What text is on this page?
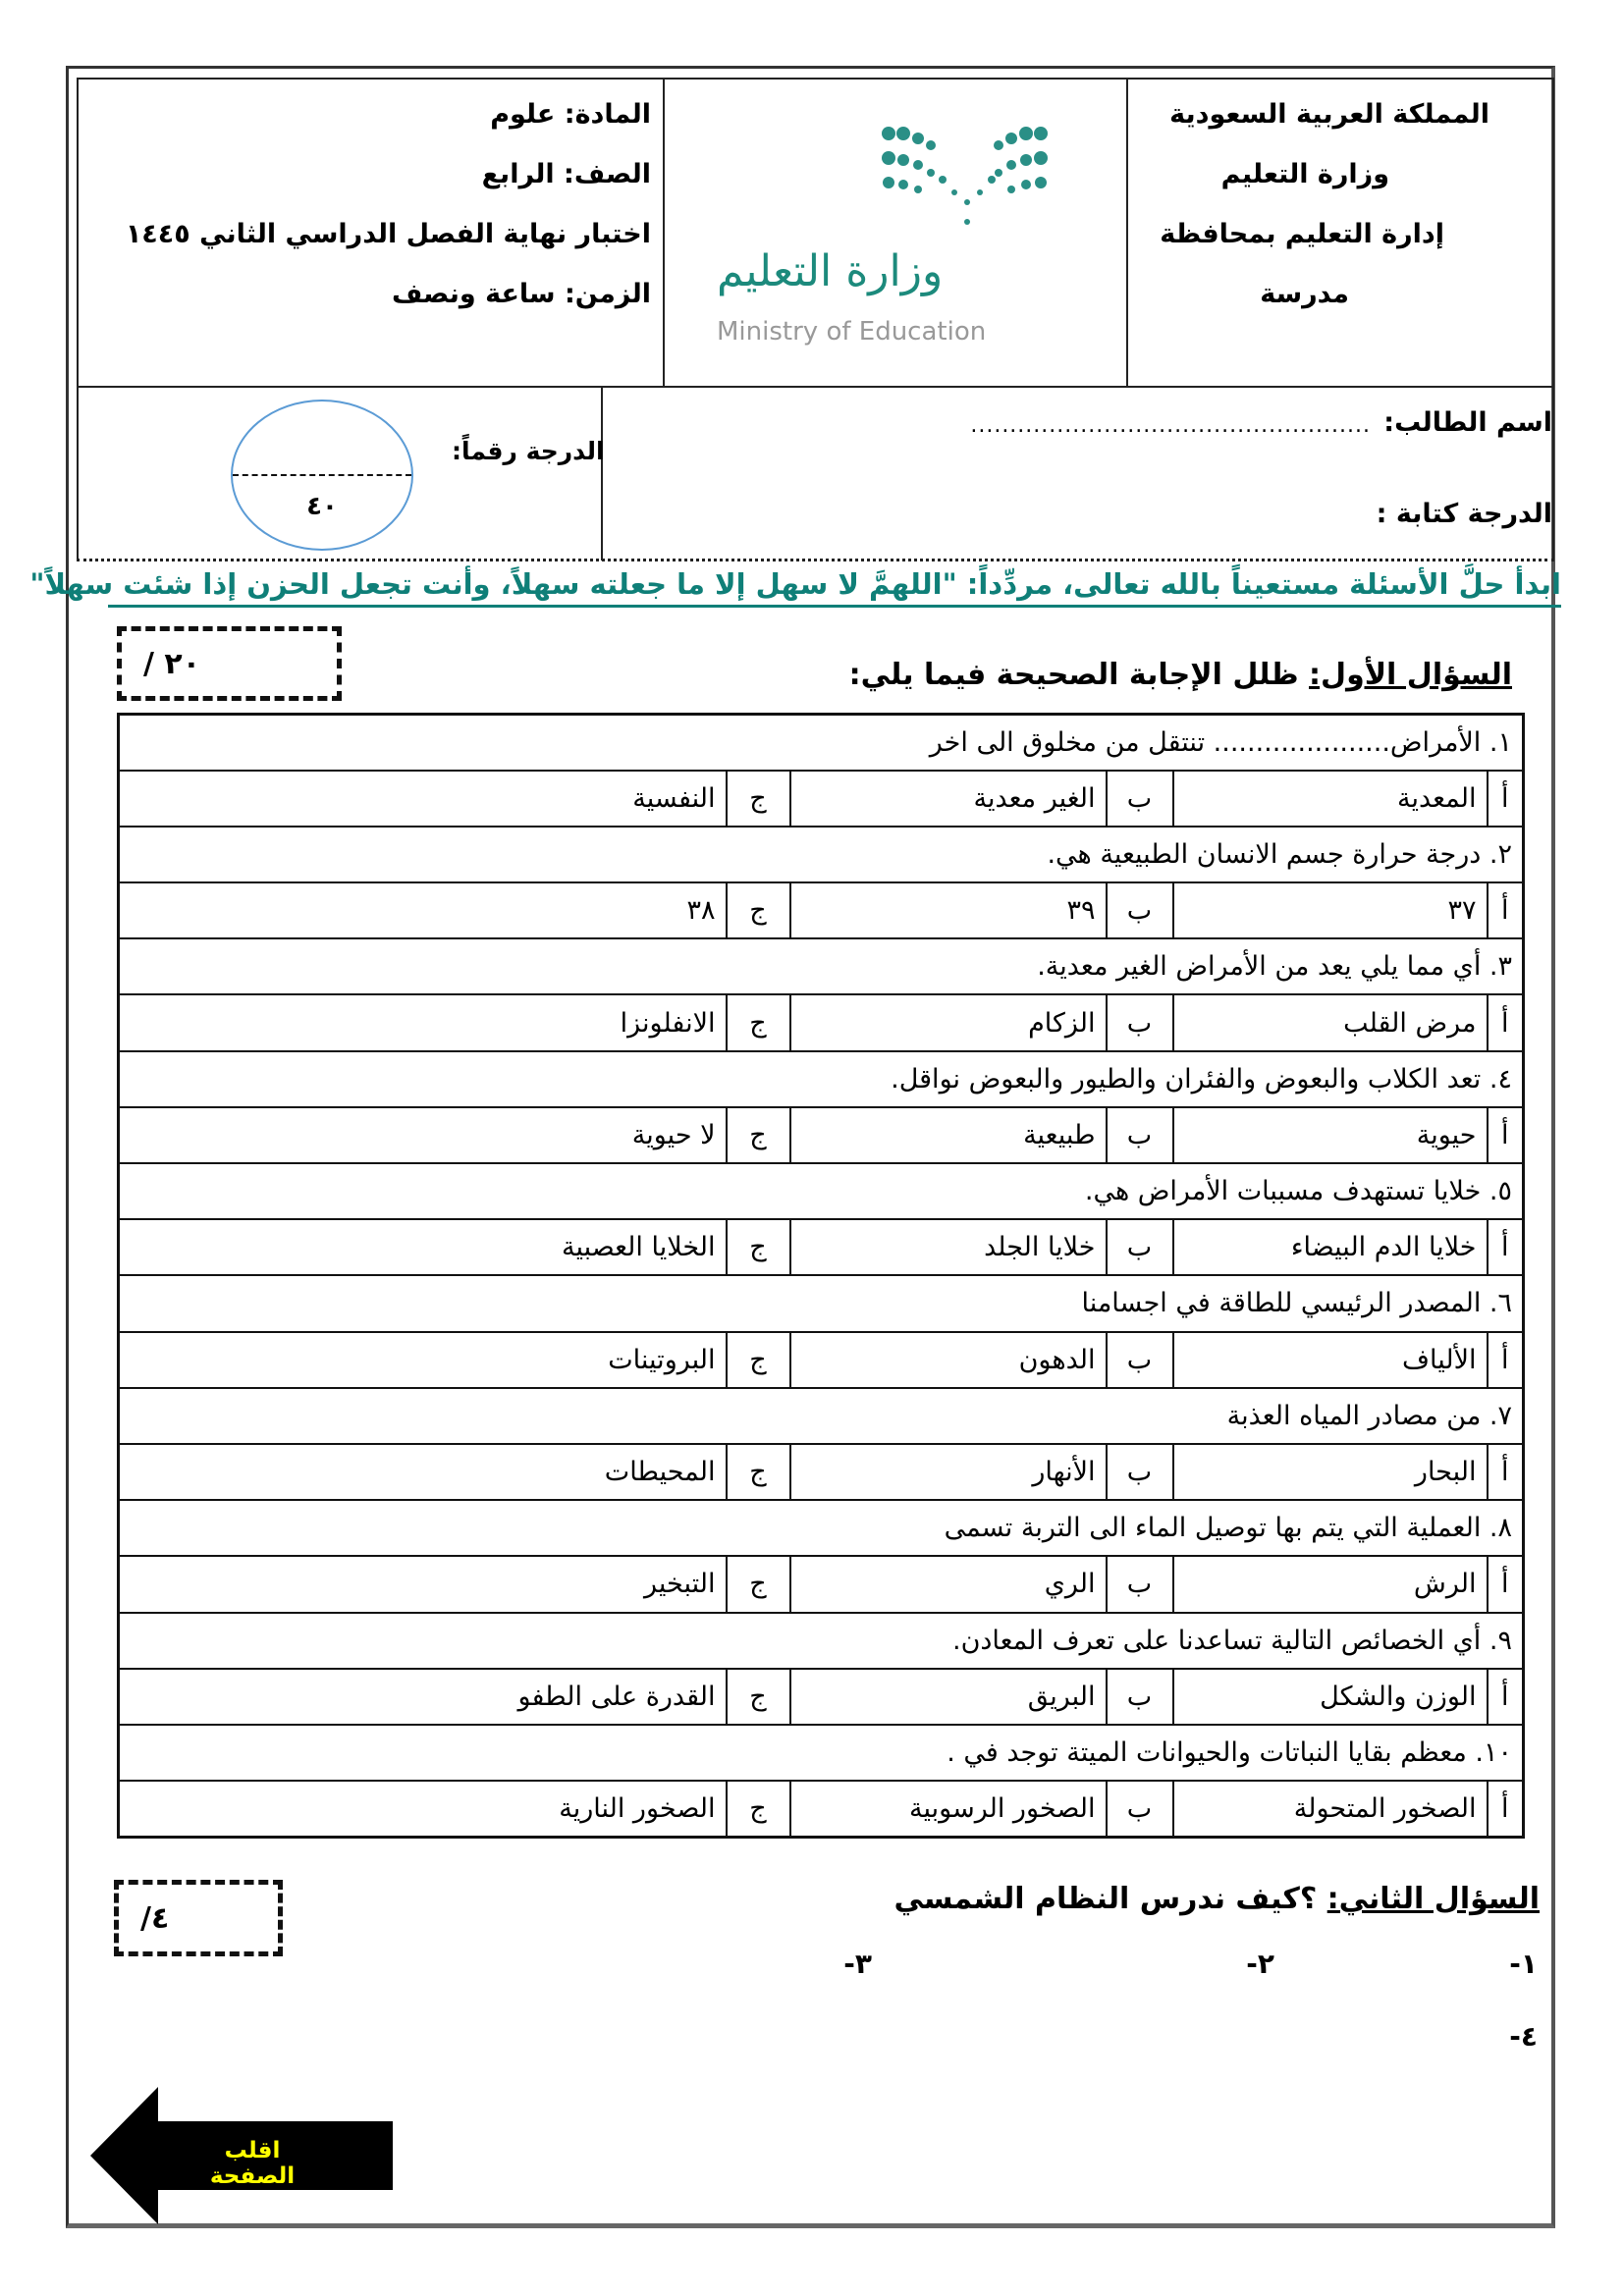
المملكة العربية السعودية
وزارة التعليم
إدارة التعليم بمحافظة
مدرسة
وزارة التعليم
Ministry of Education
المادة: علوم
الصف: الرابع
اختبار نهاية الفصل الدراسي الثاني ١٤٤٥
الزمن: ساعة ونصف
اسم الطالب:
...................................................
الدرجة كتابة :
الدرجة رقماً:
٤٠
ابدأ حلَّ الأسئلة مستعيناً بالله تعالى، مردِّداً: "اللهمَّ لا سهل إلا ما جعلته سهلاً، وأنت تجعل الحزن إذا شئت سهلاً"
/ ٢٠	السؤال الأول: ظلل الإجابة الصحيحة فيما يلي:
١. الأمراض..................... تنتقل من مخلوق الى اخر					
أ	المعدية	ب	الغير معدية	ج	النفسية
٢. درجة حرارة جسم الانسان الطبيعية هي.					
أ	٣٧	ب	٣٩	ج	٣٨
٣. أي مما يلي يعد من الأمراض الغير معدية.					
أ	مرض القلب	ب	الزكام	ج	الانفلونزا
٤. تعد الكلاب والبعوض والفئران والطيور والبعوض نواقل.					
أ	حيوية	ب	طبيعية	ج	لا حيوية
٥. خلايا تستهدف مسببات الأمراض هي.					
أ	خلايا الدم البيضاء	ب	خلايا الجلد	ج	الخلايا العصبية
٦. المصدر الرئيسي للطاقة في اجسامنا					
أ	الألياف	ب	الدهون	ج	البروتينات
٧. من مصادر المياه العذبة					
أ	البحار	ب	الأنهار	ج	المحيطات
٨. العملية التي يتم بها توصيل الماء الى التربة تسمى					
أ	الرش	ب	الري	ج	التبخير
٩. أي الخصائص التالية تساعدنا على تعرف المعادن.					
أ	الوزن والشكل	ب	البريق	ج	القدرة على الطفو
١٠. معظم بقايا النباتات والحيوانات الميتة توجد في .					
أ	الصخور المتحولة	ب	الصخور الرسوبية	ج	الصخور النارية
/٤
السؤال الثاني: ؟كيف ندرس النظام الشمسي
١-
٢-
٣-
٤-
اقلب الصفحة
